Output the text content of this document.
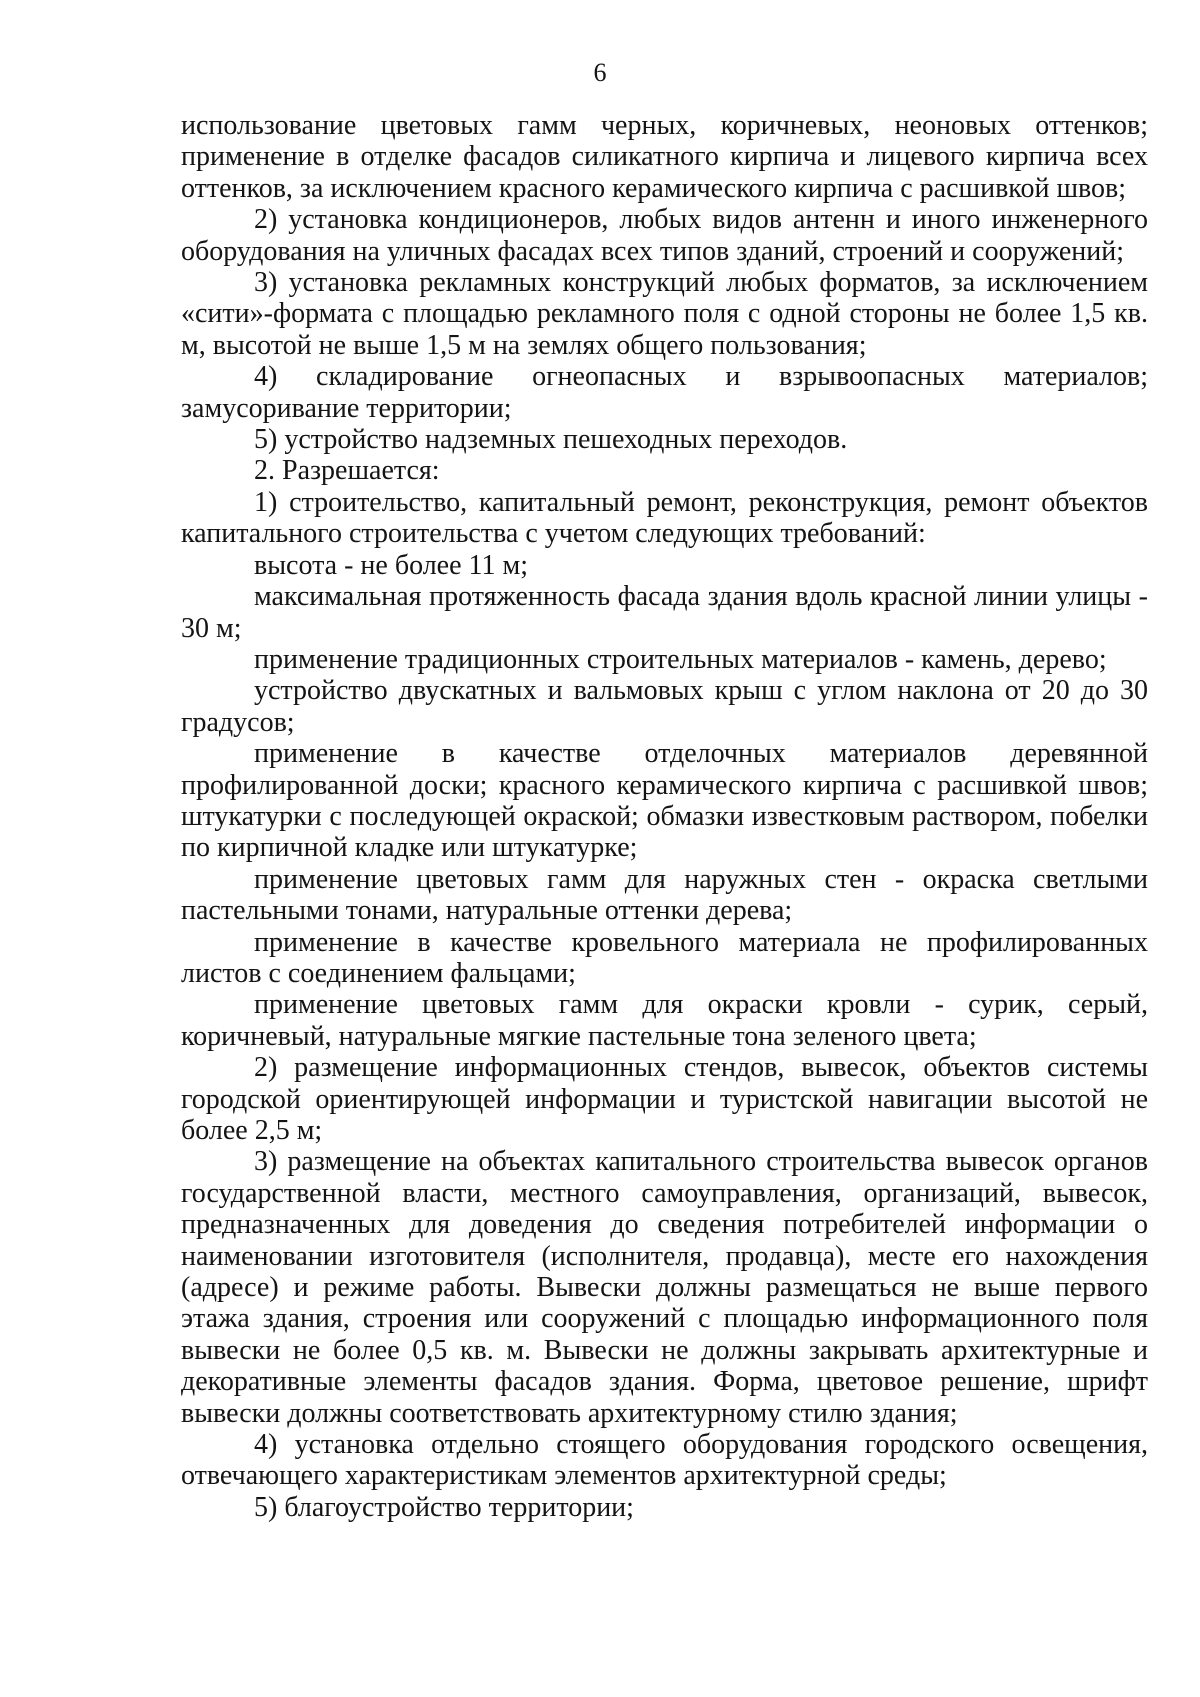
6

использование цветовых гамм черных, коричневых, неоновых оттенков; применение в отделке фасадов силикатного кирпича и лицевого кирпича всех оттенков, за исключением красного керамического кирпича с расшивкой швов;

2) установка кондиционеров, любых видов антенн и иного инженерного оборудования на уличных фасадах всех типов зданий, строений и сооружений;

3) установка рекламных конструкций любых форматов, за исключением «сити»-формата с площадью рекламного поля с одной стороны не более 1,5 кв. м, высотой не выше 1,5 м на землях общего пользования;

4) складирование огнеопасных и взрывоопасных материалов; замусоривание территории;

5) устройство надземных пешеходных переходов.

2. Разрешается:

1) строительство, капитальный ремонт, реконструкция, ремонт объектов капитального строительства с учетом следующих требований:

высота - не более 11 м;

максимальная протяженность фасада здания вдоль красной линии улицы - 30 м;

применение традиционных строительных материалов - камень, дерево;

устройство двускатных и вальмовых крыш с углом наклона от 20 до 30 градусов;

применение в качестве отделочных материалов деревянной профилированной доски; красного керамического кирпича с расшивкой швов; штукатурки с последующей окраской; обмазки известковым раствором, побелки по кирпичной кладке или штукатурке;

применение цветовых гамм для наружных стен - окраска светлыми пастельными тонами, натуральные оттенки дерева;

применение в качестве кровельного материала не профилированных листов с соединением фальцами;

применение цветовых гамм для окраски кровли - сурик, серый, коричневый, натуральные мягкие пастельные тона зеленого цвета;

2) размещение информационных стендов, вывесок, объектов системы городской ориентирующей информации и туристской навигации высотой не более 2,5 м;

3) размещение на объектах капитального строительства вывесок органов государственной власти, местного самоуправления, организаций, вывесок, предназначенных для доведения до сведения потребителей информации о наименовании изготовителя (исполнителя, продавца), месте его нахождения (адресе) и режиме работы. Вывески должны размещаться не выше первого этажа здания, строения или сооружений с площадью информационного поля вывески не более 0,5 кв. м. Вывески не должны закрывать архитектурные и декоративные элементы фасадов здания. Форма, цветовое решение, шрифт вывески должны соответствовать архитектурному стилю здания;

4) установка отдельно стоящего оборудования городского освещения, отвечающего характеристикам элементов архитектурной среды;

5) благоустройство территории;
